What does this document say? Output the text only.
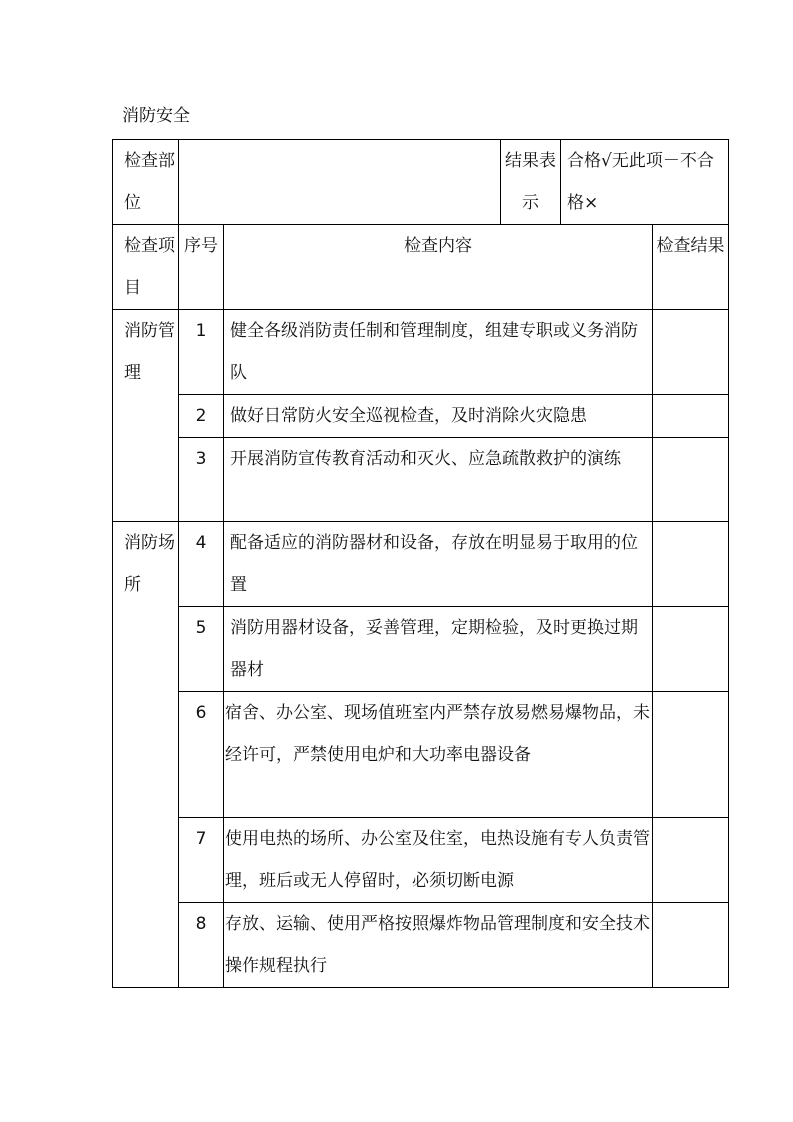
消防安全
检查部位			结果表示	合格√无此项－不合格×	
检查项目	序号	检查内容			检查结果
消防管理	1	健全各级消防责任制和管理制度，组建专职或义务消防队			
	2	做好日常防火安全巡视检查，及时消除火灾隐患			
	3	开展消防宣传教育活动和灭火、应急疏散救护的演练			
消防场所	4	配备适应的消防器材和设备，存放在明显易于取用的位置			
	5	消防用器材设备，妥善管理，定期检验，及时更换过期器材			
	6	宿舍、办公室、现场值班室内严禁存放易燃易爆物品，未经许可，严禁使用电炉和大功率电器设备			
	7	使用电热的场所、办公室及住室，电热设施有专人负责管理，班后或无人停留时，必须切断电源			
	8	存放、运输、使用严格按照爆炸物品管理制度和安全技术操作规程执行			
